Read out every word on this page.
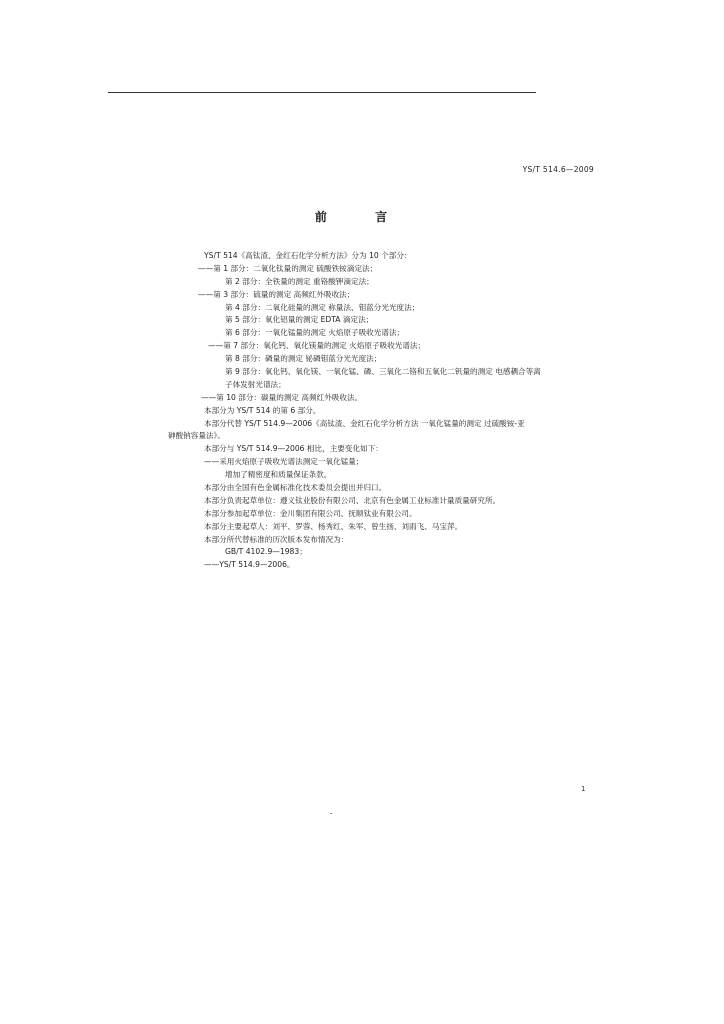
YS/T 514.6—2009
前 言
YS/T 514《高钛渣、金红石化学分析方法》分为 10 个部分：
——第 1 部分：二氧化钛量的测定 硫酸铁铵滴定法；
第 2 部分：全铁量的测定 重铬酸钾滴定法；
——第 3 部分：硫量的测定 高频红外吸收法；
第 4 部分：二氧化硅量的测定 称量法、钼蓝分光光度法；
第 5 部分：氧化铝量的测定 EDTA 滴定法；
第 6 部分：一氧化锰量的测定 火焰原子吸收光谱法；
——第 7 部分：氧化钙、氧化镁量的测定 火焰原子吸收光谱法；
第 8 部分：磷量的测定 铋磷钼蓝分光光度法；
第 9 部分：氧化钙、氧化镁、一氧化锰、磷、三氧化二铬和五氧化二钒量的测定 电感耦合等离
子体发射光谱法；
——第 10 部分：碳量的测定 高频红外吸收法。
本部分为 YS/T 514 的第 6 部分。
本部分代替 YS/T 514.9—2006《高钛渣、金红石化学分析方法 一氧化锰量的测定 过硫酸铵-亚
砷酸钠容量法》。
本部分与 YS/T 514.9—2006 相比，主要变化如下：
——采用火焰原子吸收光谱法测定一氧化锰量；
增加了精密度和质量保证条款。
本部分由全国有色金属标准化技术委员会提出并归口。
本部分负责起草单位：遵义钛业股份有限公司、北京有色金属工业标准计量质量研究所。
本部分参加起草单位：金川集团有限公司、抚顺钛业有限公司。
本部分主要起草人：刘平、罗蓉、杨秀红、朱军、曾生扬、刘雨飞、马宝萍。
本部分所代替标准的历次版本发布情况为：
GB/T 4102.9—1983；
——YS/T 514.9—2006。
1
